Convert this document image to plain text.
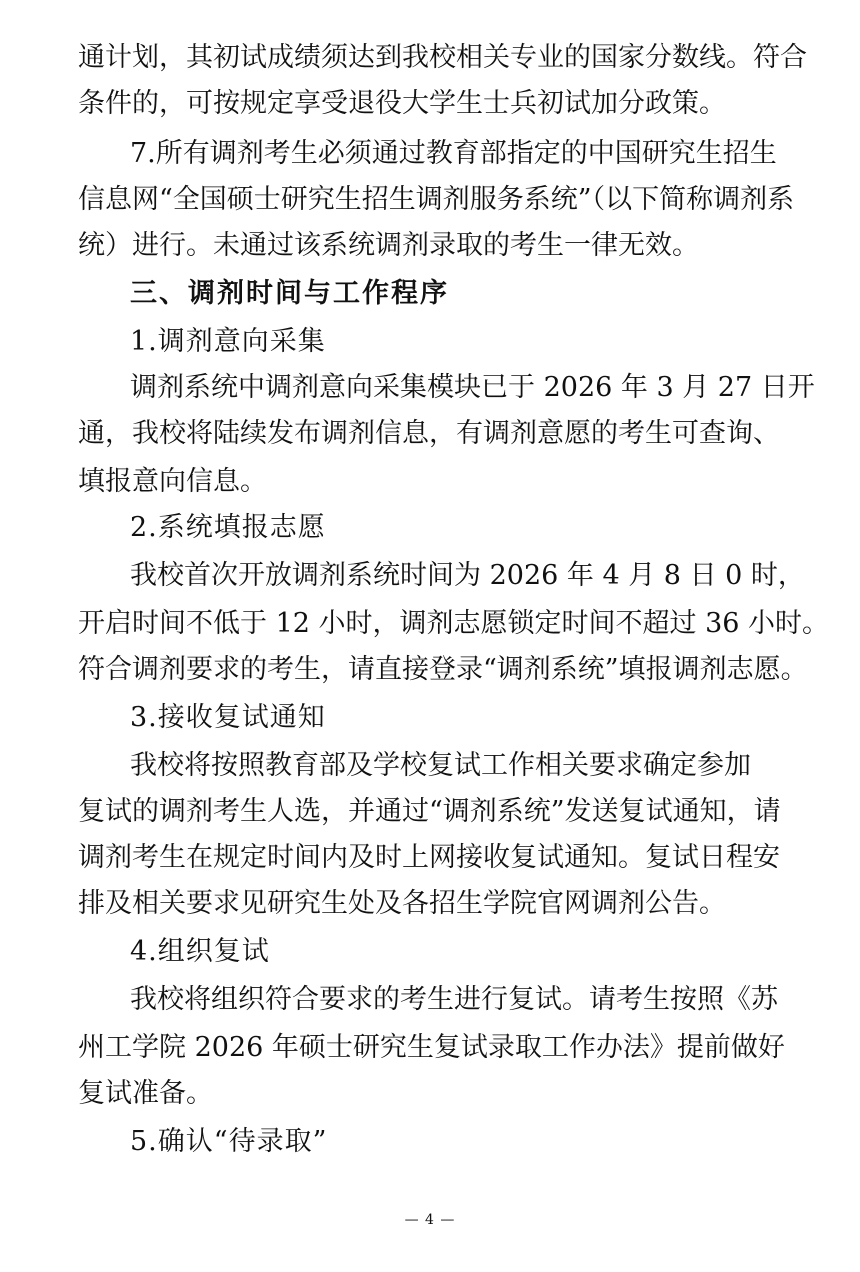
通计划，其初试成绩须达到我校相关专业的国家分数线。符合
条件的，可按规定享受退役大学生士兵初试加分政策。
7.所有调剂考生必须通过教育部指定的中国研究生招生
信息网“全国硕士研究生招生调剂服务系统”（以下简称调剂系
统）进行。未通过该系统调剂录取的考生一律无效。
三、调剂时间与工作程序
1.调剂意向采集
调剂系统中调剂意向采集模块已于 2026 年 3 月 27 日开
通，我校将陆续发布调剂信息，有调剂意愿的考生可查询、
填报意向信息。
2.系统填报志愿
我校首次开放调剂系统时间为 2026 年 4 月 8 日 0 时，
开启时间不低于 12 小时，调剂志愿锁定时间不超过 36 小时。
符合调剂要求的考生，请直接登录“调剂系统”填报调剂志愿。
3.接收复试通知
我校将按照教育部及学校复试工作相关要求确定参加
复试的调剂考生人选，并通过“调剂系统”发送复试通知，请
调剂考生在规定时间内及时上网接收复试通知。复试日程安
排及相关要求见研究生处及各招生学院官网调剂公告。
4.组织复试
我校将组织符合要求的考生进行复试。请考生按照《苏
州工学院 2026 年硕士研究生复试录取工作办法》提前做好
复试准备。
5.确认“待录取”
— 4 —
